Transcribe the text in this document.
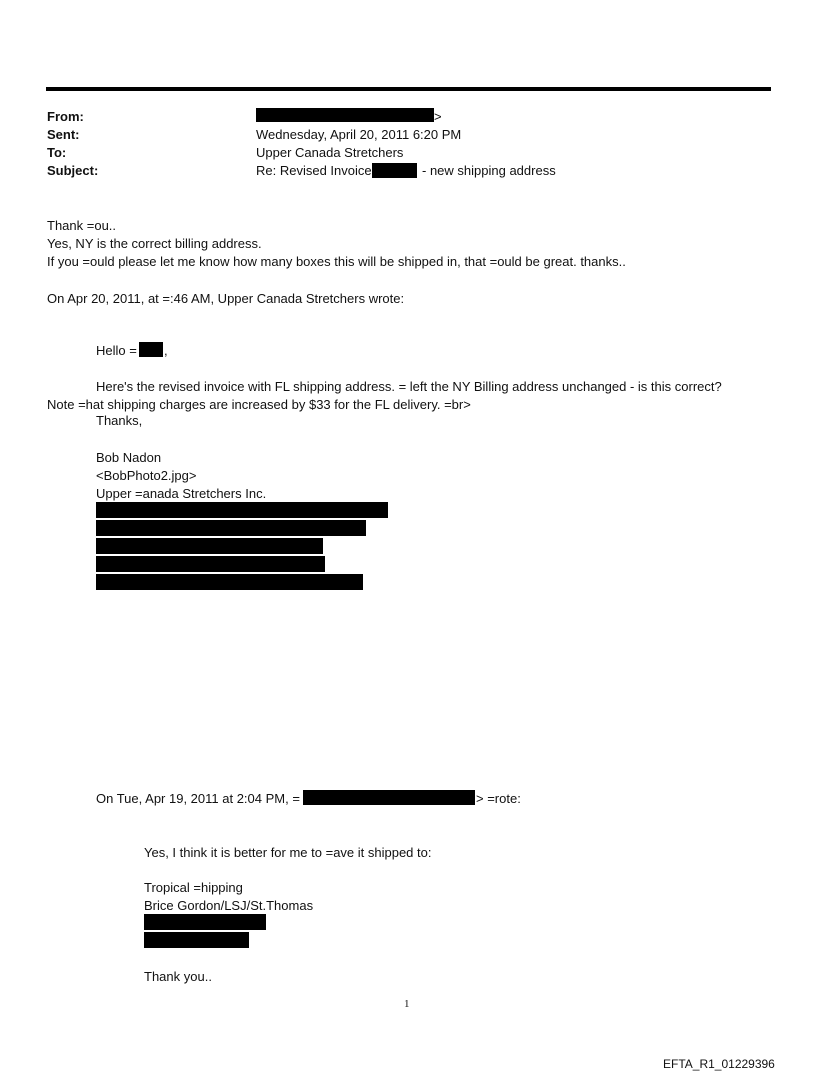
From:	>
Sent:	Wednesday, April 20, 2011 6:20 PM
To:	Upper Canada Stretchers
Subject:	Re: Revised Invoice	- new shipping address
Thank =ou..
Yes, NY is the correct billing address.
If you =ould please let me know how many boxes this will be shipped in, that =ould be great. thanks..
On Apr 20, 2011, at =:46 AM, Upper Canada Stretchers wrote:
Hello = ,
Here's the revised invoice with FL shipping address. = left the NY Billing address unchanged - is this correct?
Note =hat shipping charges are increased by $33 for the FL delivery. =br>
Thanks,
Bob Nadon
<BobPhoto2.jpg>
Upper =anada Stretchers Inc.
On Tue, Apr 19, 2011 at 2:04 PM, =	> =rote:
Yes, I think it is better for me to =ave it shipped to:
Tropical =hipping
Brice Gordon/LSJ/St.Thomas
Thank you..
1
EFTA_R1_01229396
